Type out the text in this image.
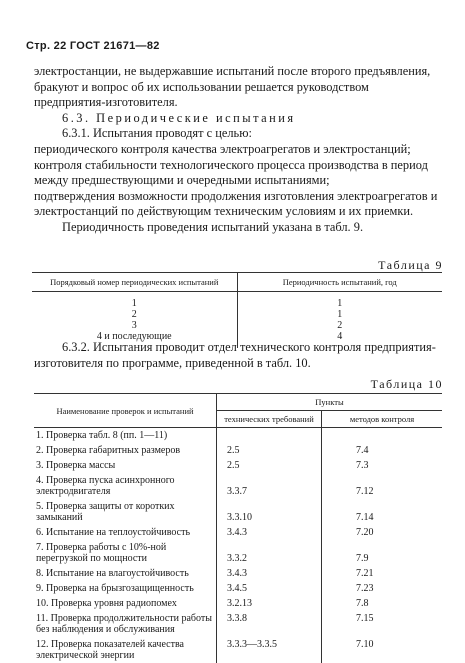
Стр. 22 ГОСТ 21671—82

электростанции, не выдержавшие испытаний после второго предъявления, бракуют и вопрос об их использовании решается руководством предприятия-изготовителя.

6.3. Периодические испытания

6.3.1. Испытания проводят с целью:

периодического контроля качества электроагрегатов и электростанций;

контроля стабильности технологического процесса производства в период между предшествующими и очередными испытаниями;

подтверждения возможности продолжения изготовления электроагрегатов и электростанций по действующим техническим условиям и их приемки.

Периодичность проведения испытаний указана в табл. 9.

Таблица 9
Порядковый номер периодических испытаний	Периодичность испытаний, год
1	1
2	1
3	2
4 и последующие	4

6.3.2. Испытания проводит отдел технического контроля предприятия-изготовителя по программе, приведенной в табл. 10.

Таблица 10
Наименование проверок и испытаний	Пункты	
	технических требований	методов контроля
1. Проверка табл. 8 (пп. 1—11)		
2. Проверка габаритных размеров	2.5	7.4
3. Проверка массы	2.5	7.3
4. Проверка пуска асинхронного электродвигателя	3.3.7	7.12
5. Проверка защиты от коротких замыканий	3.3.10	7.14
6. Испытание на теплоустойчивость	3.4.3	7.20
7. Проверка работы с 10%-ной перегрузкой по мощности	3.3.2	7.9
8. Испытание на влагоустойчивость	3.4.3	7.21
9. Проверка на брызгозащищенность	3.4.5	7.23
10. Проверка уровня радиопомех	3.2.13	7.8
11. Проверка продолжительности работы без наблюдения и обслуживания	3.3.8	7.15
12. Проверка показателей качества электрической энергии	3.3.3—3.3.5	7.10
